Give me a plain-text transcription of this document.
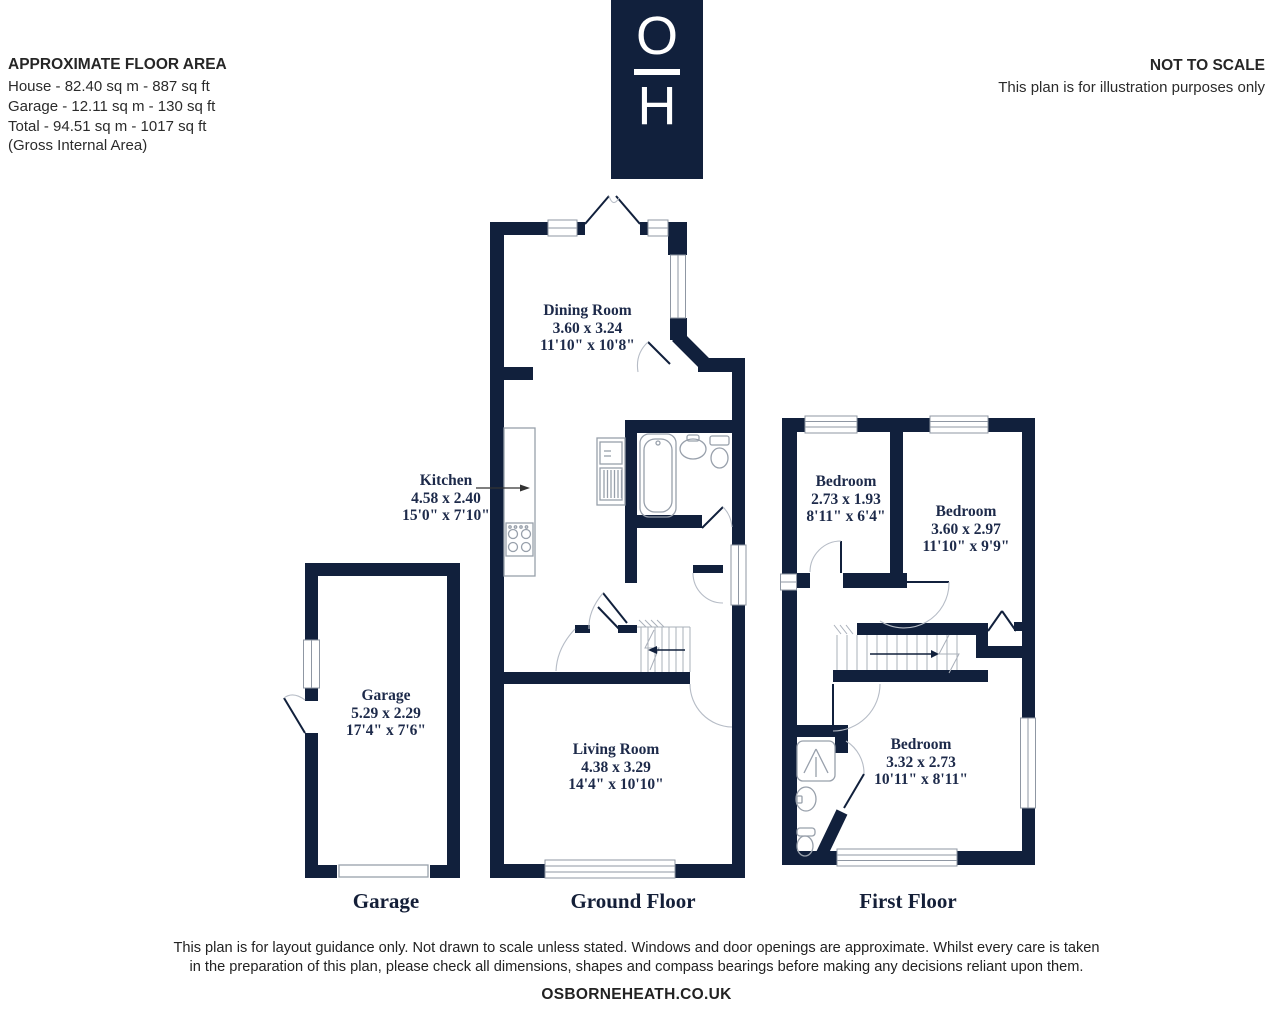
APPROXIMATE FLOOR AREA
House - 82.40 sq m - 887 sq ft
Garage - 12.11 sq m - 130 sq ft
Total - 94.51 sq m - 1017 sq ft
(Gross Internal Area)
NOT TO SCALE
This plan is for illustration purposes only
O
H
Dining Room
3.60 x 3.24
11'10" x 10'8"
Kitchen
4.58 x 2.40
15'0" x 7'10"
Living Room
4.38 x 3.29
14'4" x 10'10"
Garage
5.29 x 2.29
17'4" x 7'6"
Bedroom
2.73 x 1.93
8'11" x 6'4"	Bedroom
3.60 x 2.97
11'10" x 9'9"
Bedroom
3.32 x 2.73
10'11" x 8'11"
Garage	Ground Floor	First Floor
This plan is for layout guidance only. Not drawn to scale unless stated. Windows and door openings are approximate. Whilst every care is taken
in the preparation of this plan, please check all dimensions, shapes and compass bearings before making any decisions reliant upon them.
OSBORNEHEATH.CO.UK
